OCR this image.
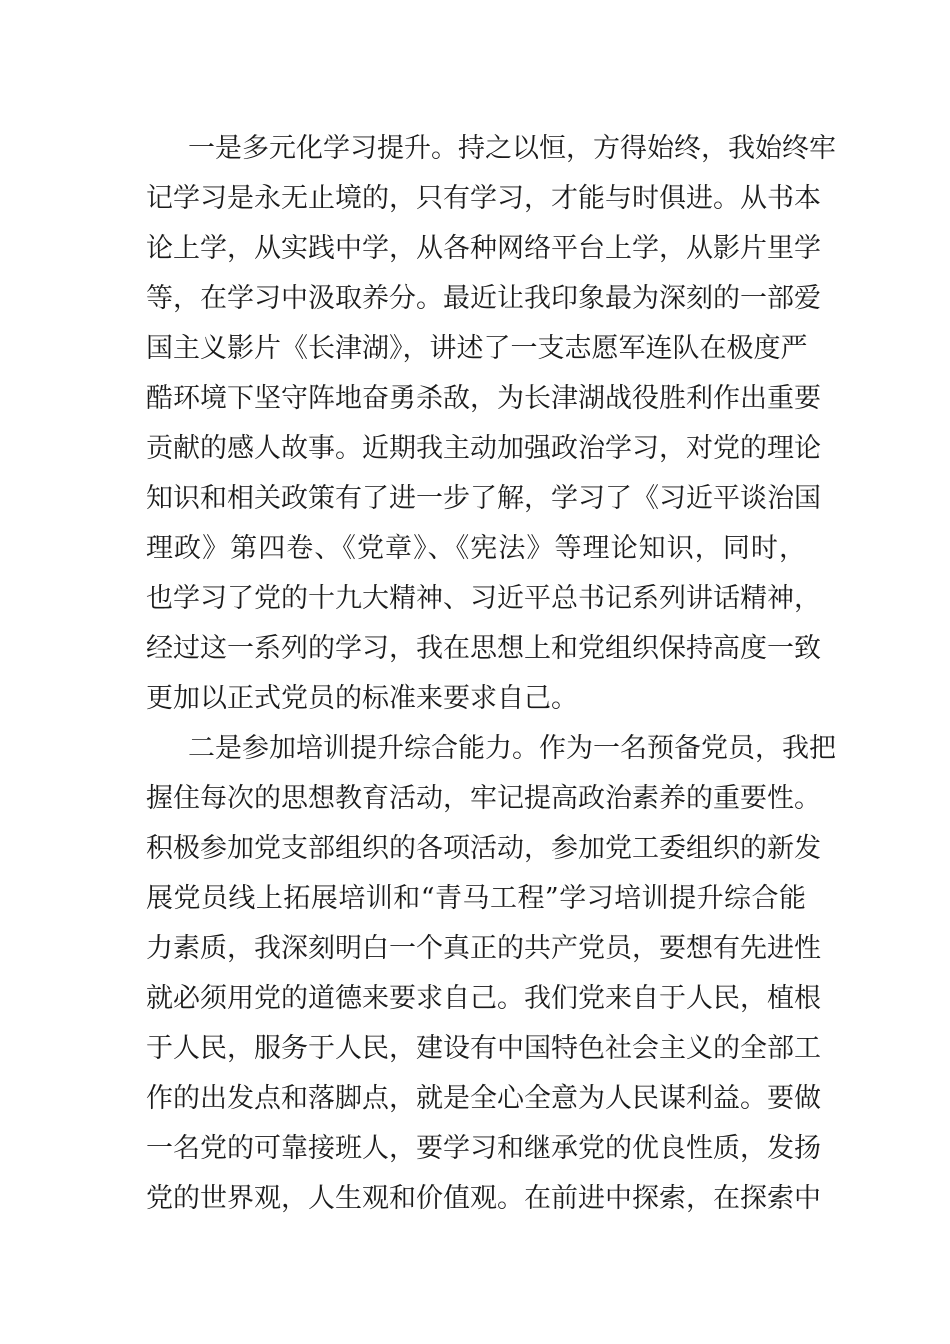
一是多元化学习提升。持之以恒，方得始终，我始终牢
记学习是永无止境的，只有学习，才能与时俱进。从书本
论上学，从实践中学，从各种网络平台上学，从影片里学
等，在学习中汲取养分。最近让我印象最为深刻的一部爱
国主义影片《长津湖》，讲述了一支志愿军连队在极度严
酷环境下坚守阵地奋勇杀敌，为长津湖战役胜利作出重要
贡献的感人故事。近期我主动加强政治学习，对党的理论
知识和相关政策有了进一步了解，学习了《习近平谈治国
理政》第四卷、《党章》、《宪法》等理论知识，同时，
也学习了党的十九大精神、习近平总书记系列讲话精神，
经过这一系列的学习，我在思想上和党组织保持高度一致
更加以正式党员的标准来要求自己。
二是参加培训提升综合能力。作为一名预备党员，我把
握住每次的思想教育活动，牢记提高政治素养的重要性。
积极参加党支部组织的各项活动，参加党工委组织的新发
展党员线上拓展培训和“青马工程”学习培训提升综合能
力素质，我深刻明白一个真正的共产党员，要想有先进性
就必须用党的道德来要求自己。我们党来自于人民，植根
于人民，服务于人民，建设有中国特色社会主义的全部工
作的出发点和落脚点，就是全心全意为人民谋利益。要做
一名党的可靠接班人，要学习和继承党的优良性质，发扬
党的世界观，人生观和价值观。在前进中探索，在探索中
